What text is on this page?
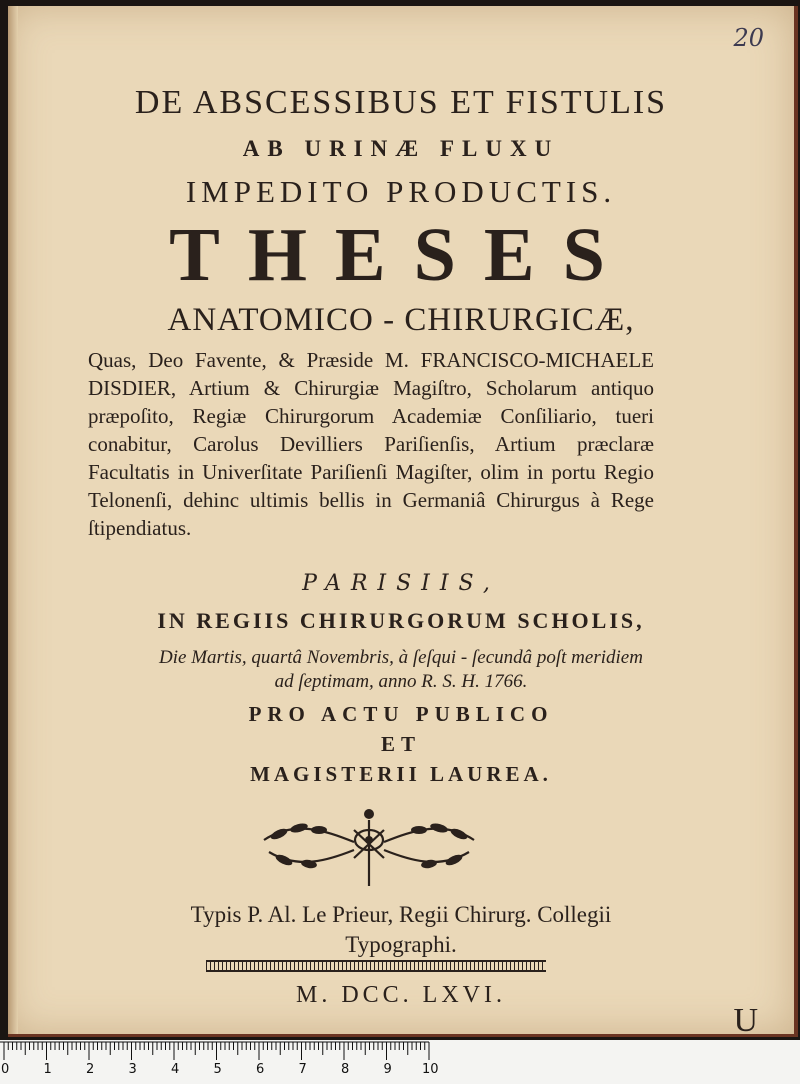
20
DE ABSCESSIBUS ET FISTULIS
AB URINÆ FLUXU
IMPEDITO PRODUCTIS.
THESES
ANATOMICO - CHIRURGICÆ,

Quas, Deo Favente, & Præside M. FRANCISCO-MICHAELE DISDIER, Artium & Chirurgiæ Magiſtro, Scholarum antiquo præpoſito, Regiæ Chirurgorum Academiæ Conſiliario, tueri conabitur, Carolus Devilliers Pariſienſis, Artium præclaræ Facultatis in Univerſitate Pariſienſi Magiſter, olim in portu Regio Telonenſi, dehinc ultimis bellis in Germaniâ Chirurgus à Rege ſtipendiatus.

PARISIIS,
IN REGIIS CHIRURGORUM SCHOLIS,
Die Martis, quartâ Novembris, à ſeſqui - ſecundâ poſt meridiem
ad ſeptimam, anno R. S. H. 1766.
PRO ACTU PUBLICO
ET
MAGISTERII LAUREA.
Typis P. Al. Le Prieur, Regii Chirurg. Collegii
Typographi.
M. DCC. LXVI.
U
0	1	2	3	4	5	6	7	8	9 10
